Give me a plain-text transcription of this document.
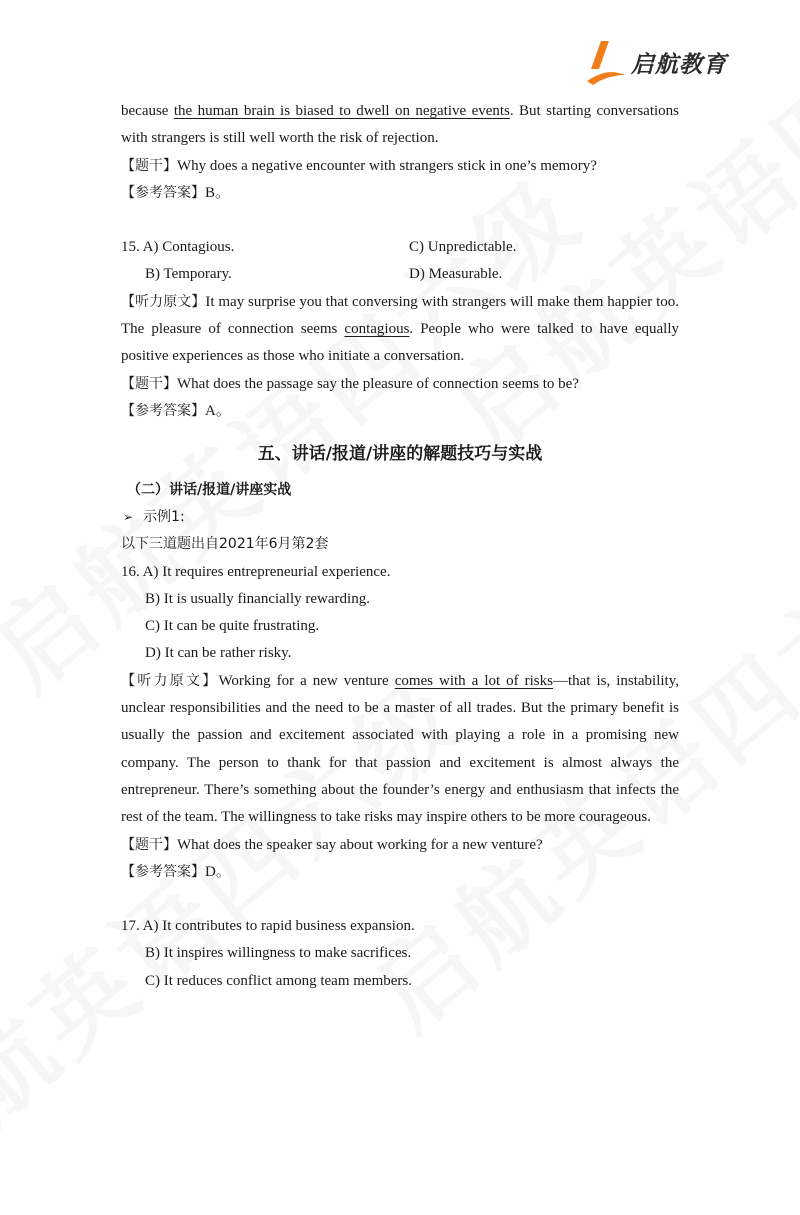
启航教育

because the human brain is biased to dwell on negative events. But starting conversations with strangers is still well worth the risk of rejection.

【题干】Why does a negative encounter with strangers stick in one’s memory?

【参考答案】B。

15. A) Contagious.	C) Unpredictable.
B) Temporary.	D) Measurable.

【听力原文】It may surprise you that conversing with strangers will make them happier too. The pleasure of connection seems contagious. People who were talked to have equally positive experiences as those who initiate a conversation.

【题干】What does the passage say the pleasure of connection seems to be?

【参考答案】A。

五、讲话/报道/讲座的解题技巧与实战
（二）讲话/报道/讲座实战
➢ 示例1:

以下三道题出自2021年6月第2套

16. A) It requires entrepreneurial experience.

B) It is usually financially rewarding.

C) It can be quite frustrating.

D) It can be rather risky.

【听力原文】Working for a new venture comes with a lot of risks—that is, instability, unclear responsibilities and the need to be a master of all trades. But the primary benefit is usually the passion and excitement associated with playing a role in a promising new company. The person to thank for that passion and excitement is almost always the entrepreneur. There’s something about the founder’s energy and enthusiasm that infects the rest of the team. The willingness to take risks may inspire others to be more courageous.

【题干】What does the speaker say about working for a new venture?

【参考答案】D。

17. A) It contributes to rapid business expansion.

B) It inspires willingness to make sacrifices.

C) It reduces conflict among team members.
